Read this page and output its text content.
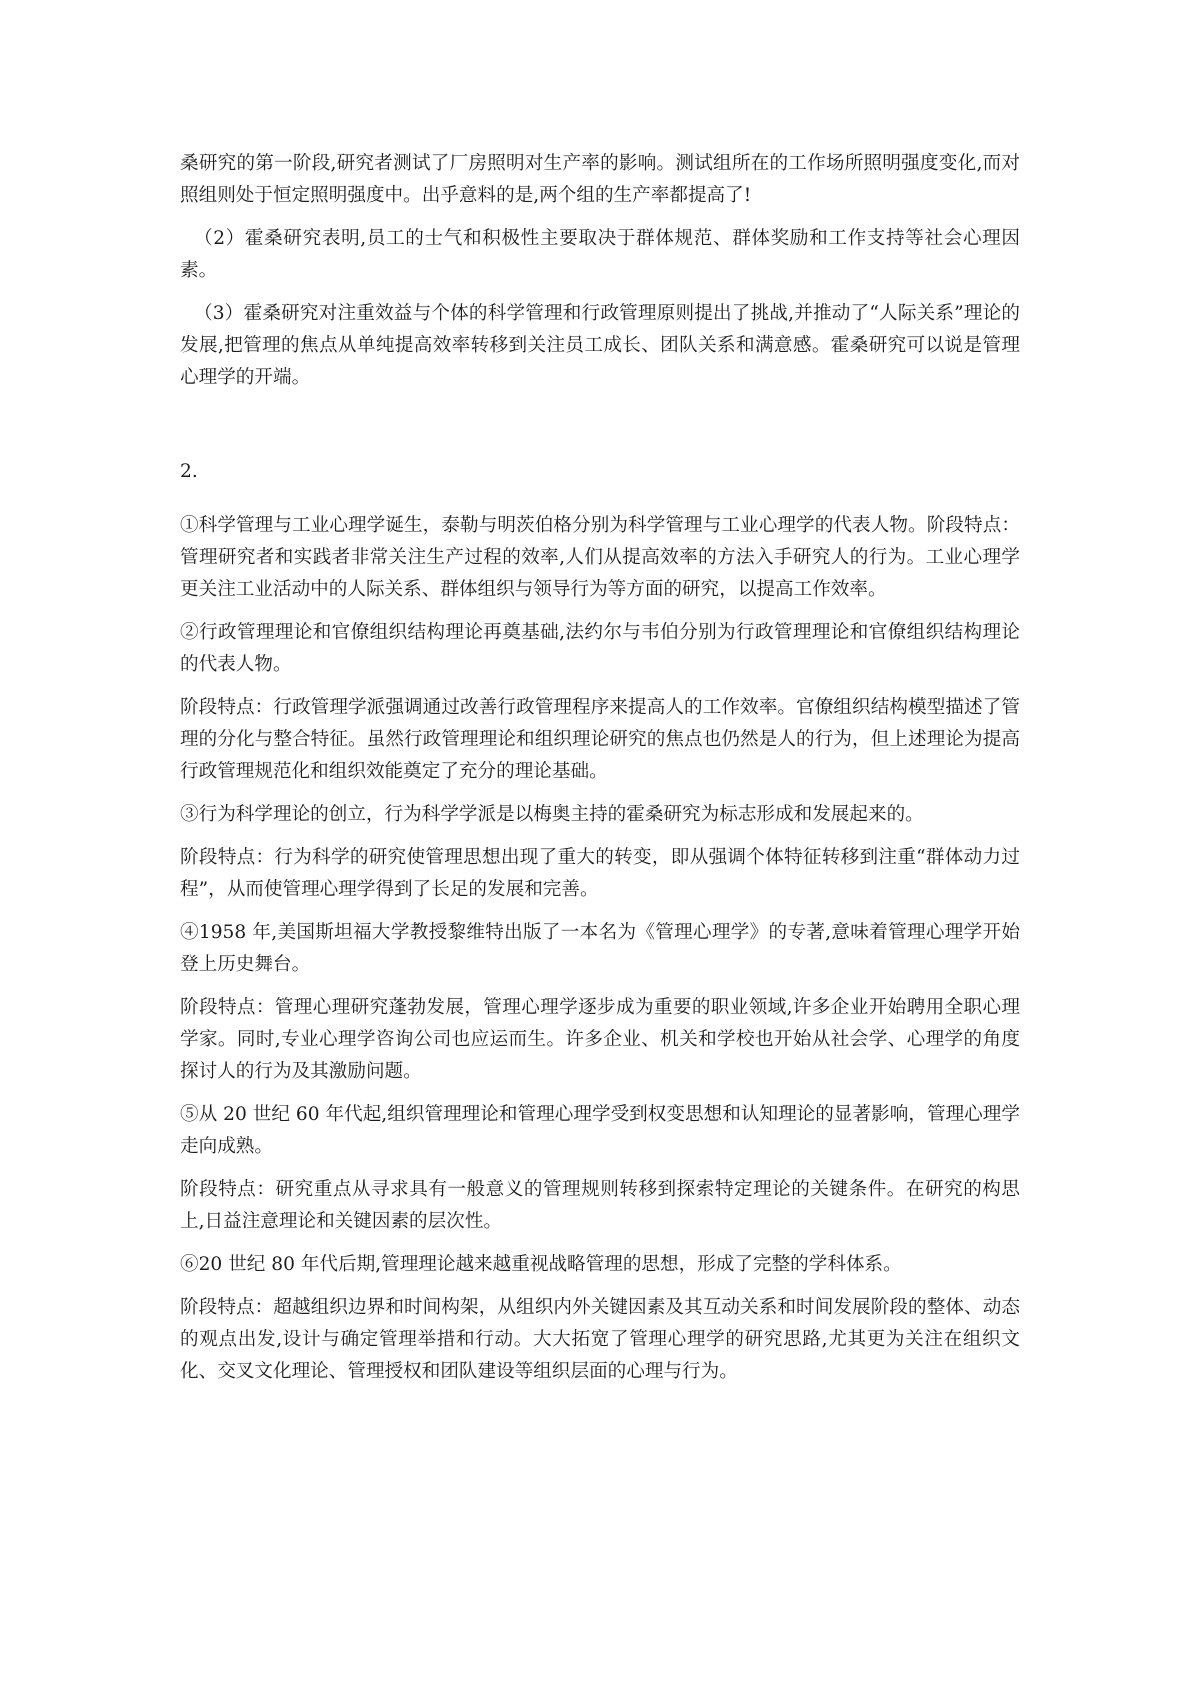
桑研究的第一阶段,研究者测试了厂房照明对生产率的影响。测试组所在的工作场所照明强度变化,而对照组则处于恒定照明强度中。出乎意料的是,两个组的生产率都提高了!

（2）霍桑研究表明,员工的士气和积极性主要取决于群体规范、群体奖励和工作支持等社会心理因素。

（3）霍桑研究对注重效益与个体的科学管理和行政管理原则提出了挑战,并推动了“人际关系”理论的发展,把管理的焦点从单纯提高效率转移到关注员工成长、团队关系和满意感。霍桑研究可以说是管理心理学的开端。

2.

①科学管理与工业心理学诞生，泰勒与明茨伯格分别为科学管理与工业心理学的代表人物。阶段特点：管理研究者和实践者非常关注生产过程的效率,人们从提高效率的方法入手研究人的行为。工业心理学更关注工业活动中的人际关系、群体组织与领导行为等方面的研究，以提高工作效率。

②行政管理理论和官僚组织结构理论再奠基础,法约尔与韦伯分别为行政管理理论和官僚组织结构理论的代表人物。

阶段特点：行政管理学派强调通过改善行政管理程序来提高人的工作效率。官僚组织结构模型描述了管理的分化与整合特征。虽然行政管理理论和组织理论研究的焦点也仍然是人的行为，但上述理论为提高行政管理规范化和组织效能奠定了充分的理论基础。

③行为科学理论的创立，行为科学学派是以梅奥主持的霍桑研究为标志形成和发展起来的。

阶段特点：行为科学的研究使管理思想出现了重大的转变，即从强调个体特征转移到注重“群体动力过程”，从而使管理心理学得到了长足的发展和完善。

④1958 年,美国斯坦福大学教授黎维特出版了一本名为《管理心理学》的专著,意味着管理心理学开始登上历史舞台。

阶段特点：管理心理研究蓬勃发展，管理心理学逐步成为重要的职业领域,许多企业开始聘用全职心理学家。同时,专业心理学咨询公司也应运而生。许多企业、机关和学校也开始从社会学、心理学的角度探讨人的行为及其激励问题。

⑤从 20 世纪 60 年代起,组织管理理论和管理心理学受到权变思想和认知理论的显著影响，管理心理学走向成熟。

阶段特点：研究重点从寻求具有一般意义的管理规则转移到探索特定理论的关键条件。在研究的构思上,日益注意理论和关键因素的层次性。

⑥20 世纪 80 年代后期,管理理论越来越重视战略管理的思想，形成了完整的学科体系。

阶段特点：超越组织边界和时间构架，从组织内外关键因素及其互动关系和时间发展阶段的整体、动态的观点出发,设计与确定管理举措和行动。大大拓宽了管理心理学的研究思路,尤其更为关注在组织文化、交叉文化理论、管理授权和团队建设等组织层面的心理与行为。
